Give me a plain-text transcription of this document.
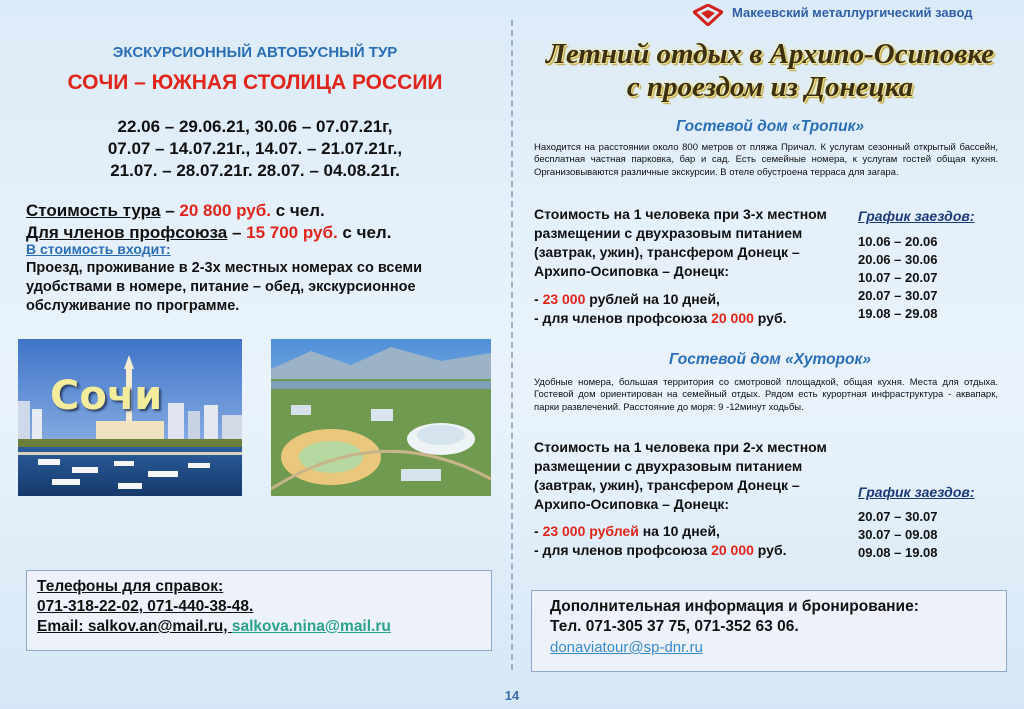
ЭКСКУРСИОННЫЙ АВТОБУСНЫЙ ТУР
СОЧИ – ЮЖНАЯ СТОЛИЦА РОССИИ
22.06 – 29.06.21, 30.06 – 07.07.21г,
07.07 – 14.07.21г., 14.07. – 21.07.21г.,
21.07. – 28.07.21г. 28.07. – 04.08.21г.
Стоимость тура – 20 800 руб. с чел.
Для членов профсоюза – 15 700 руб. с чел.
В стоимость входит:
Проезд, проживание в 2-3х местных номерах со всеми удобствами в номере, питание – обед, экскурсионное обслуживание по программе.
Сочи
Телефоны для справок:
071-318-22-02, 071-440-38-48.
Email: salkov.an@mail.ru, salkova.nina@mail.ru
Макеевский металлургический завод
Летний отдых в Архипо-Осиповке
с проездом из Донецка
Гостевой дом «Тропик»
Находится на расстоянии около 800 метров от пляжа Причал. К услугам сезонный открытый бассейн, бесплатная частная парковка, бар и сад. Есть семейные номера, к услугам гостей общая кухня. Организовываются различные экскурсии. В отеле обустроена терраса для загара.
Стоимость на 1 человека при 3-х местном размещении с двухразовым питанием (завтрак, ужин), трансфером Донецк – Архипо-Осиповка – Донецк:
- 23 000 рублей на 10 дней,
- для членов профсоюза 20 000 руб.
График заездов:
10.06 – 20.06
20.06 – 30.06
10.07 – 20.07
20.07 – 30.07
19.08 – 29.08
Гостевой дом «Хуторок»
Удобные номера, большая территория со смотровой площадкой, общая кухня. Места для отдыха. Гостевой дом ориентирован на семейный отдых. Рядом есть курортная инфраструктура - аквапарк, парки развлечений. Расстояние до моря: 9 -12минут ходьбы.
Стоимость на 1 человека при 2-х местном размещении с двухразовым питанием (завтрак, ужин), трансфером Донецк – Архипо-Осиповка – Донецк:
- 23 000 рублей на 10 дней,
- для членов профсоюза 20 000 руб.
График заездов:
20.07 – 30.07
30.07 – 09.08
09.08 – 19.08
Дополнительная информация и бронирование:
Тел. 071-305 37 75, 071-352 63 06.
donaviatour@sp-dnr.ru
14
